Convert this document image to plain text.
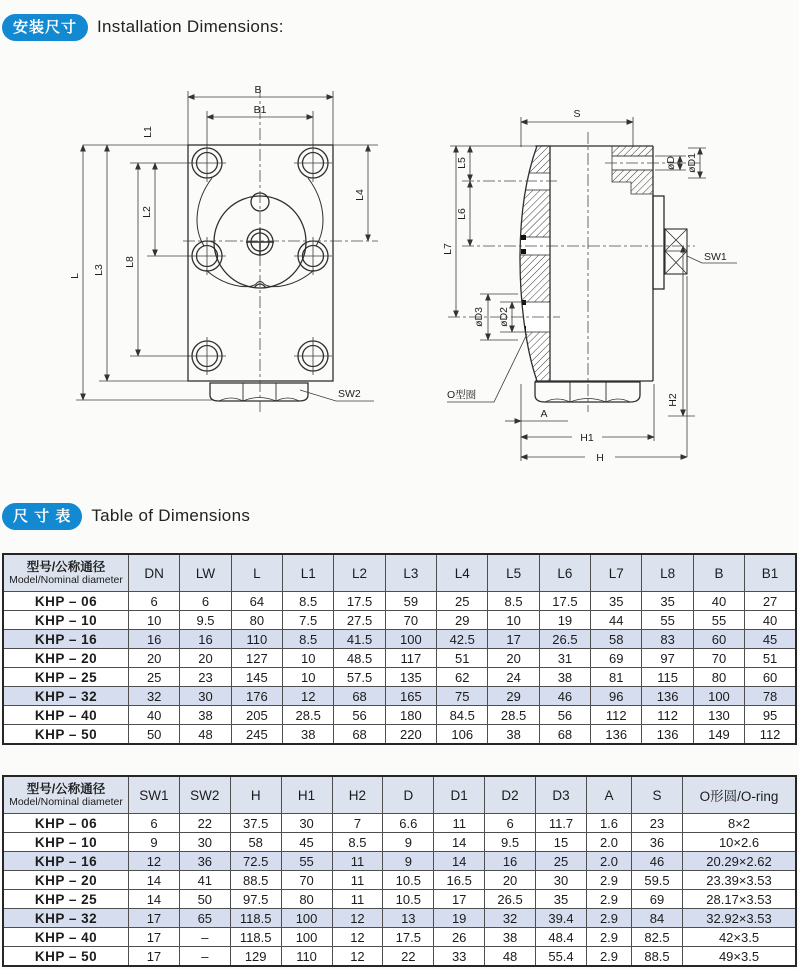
安装尺寸	Installation Dimensions:
B
B1
L1
L2
L3
L8
L
L4
SW2
S
L5
L6
L7
øD øD1
øD3 øD2
SW1
O型圈
A
H1
H
H2
尺 寸 表	Table of Dimensions
型号/公称通径
Model/Nominal diameter	DN	LW	L	L1	L2	L3	L4	L5	L6	L7	L8	B	B1
KHP – 06	6	6	64	8.5	17.5	59	25	8.5	17.5	35	35	40	27
KHP – 10	10	9.5	80	7.5	27.5	70	29	10	19	44	55	55	40
KHP – 16	16	16	110	8.5	41.5	100	42.5	17	26.5	58	83	60	45
KHP – 20	20	20	127	10	48.5	117	51	20	31	69	97	70	51
KHP – 25	25	23	145	10	57.5	135	62	24	38	81	115	80	60
KHP – 32	32	30	176	12	68	165	75	29	46	96	136	100	78
KHP – 40	40	38	205	28.5	56	180	84.5	28.5	56	112	112	130	95
KHP – 50	50	48	245	38	68	220	106	38	68	136	136	149	112
型号/公称通径
Model/Nominal diameter	SW1	SW2	H	H1	H2	D	D1	D2	D3	A	S	O形圆/O-ring
KHP – 06	6	22	37.5	30	7	6.6	11	6	11.7	1.6	23	8×2
KHP – 10	9	30	58	45	8.5	9	14	9.5	15	2.0	36	10×2.6
KHP – 16	12	36	72.5	55	11	9	14	16	25	2.0	46	20.29×2.62
KHP – 20	14	41	88.5	70	11	10.5	16.5	20	30	2.9	59.5	23.39×3.53
KHP – 25	14	50	97.5	80	11	10.5	17	26.5	35	2.9	69	28.17×3.53
KHP – 32	17	65	118.5	100	12	13	19	32	39.4	2.9	84	32.92×3.53
KHP – 40	17	–	118.5	100	12	17.5	26	38	48.4	2.9	82.5	42×3.5
KHP – 50	17	–	129	110	12	22	33	48	55.4	2.9	88.5	49×3.5
